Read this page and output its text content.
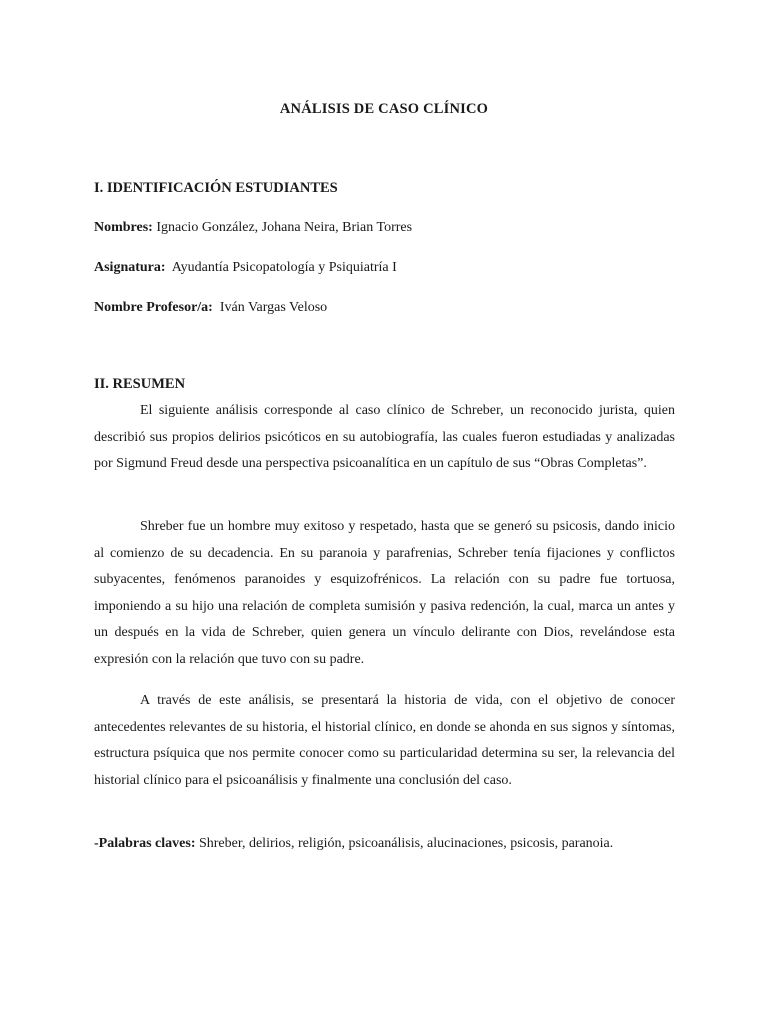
ANÁLISIS DE CASO CLÍNICO
I. IDENTIFICACIÓN ESTUDIANTES
Nombres: Ignacio González, Johana Neira, Brian Torres
Asignatura:  Ayudantía Psicopatología y Psiquiatría I
Nombre Profesor/a:  Iván Vargas Veloso
II. RESUMEN

El siguiente análisis corresponde al caso clínico de Schreber, un reconocido jurista, quien describió sus propios delirios psicóticos en su autobiografía, las cuales fueron estudiadas y analizadas por Sigmund Freud desde una perspectiva psicoanalítica en un capítulo de sus “Obras Completas”.

Shreber fue un hombre muy exitoso y respetado, hasta que se generó su psicosis, dando inicio al comienzo de su decadencia. En su paranoia y parafrenias, Schreber tenía fijaciones y conflictos subyacentes, fenómenos paranoides y esquizofrénicos. La relación con su padre fue tortuosa, imponiendo a su hijo una relación de completa sumisión y pasiva redención, la cual, marca un antes y un después en la vida de Schreber, quien genera un vínculo delirante con Dios, revelándose esta expresión con la relación que tuvo con su padre.

A través de este análisis, se presentará la historia de vida, con el objetivo de conocer antecedentes relevantes de su historia, el historial clínico, en donde se ahonda en sus signos y síntomas, estructura psíquica que nos permite conocer como su particularidad determina su ser, la relevancia del historial clínico para el psicoanálisis y finalmente una conclusión del caso.

-Palabras claves: Shreber, delirios, religión, psicoanálisis, alucinaciones, psicosis, paranoia.
